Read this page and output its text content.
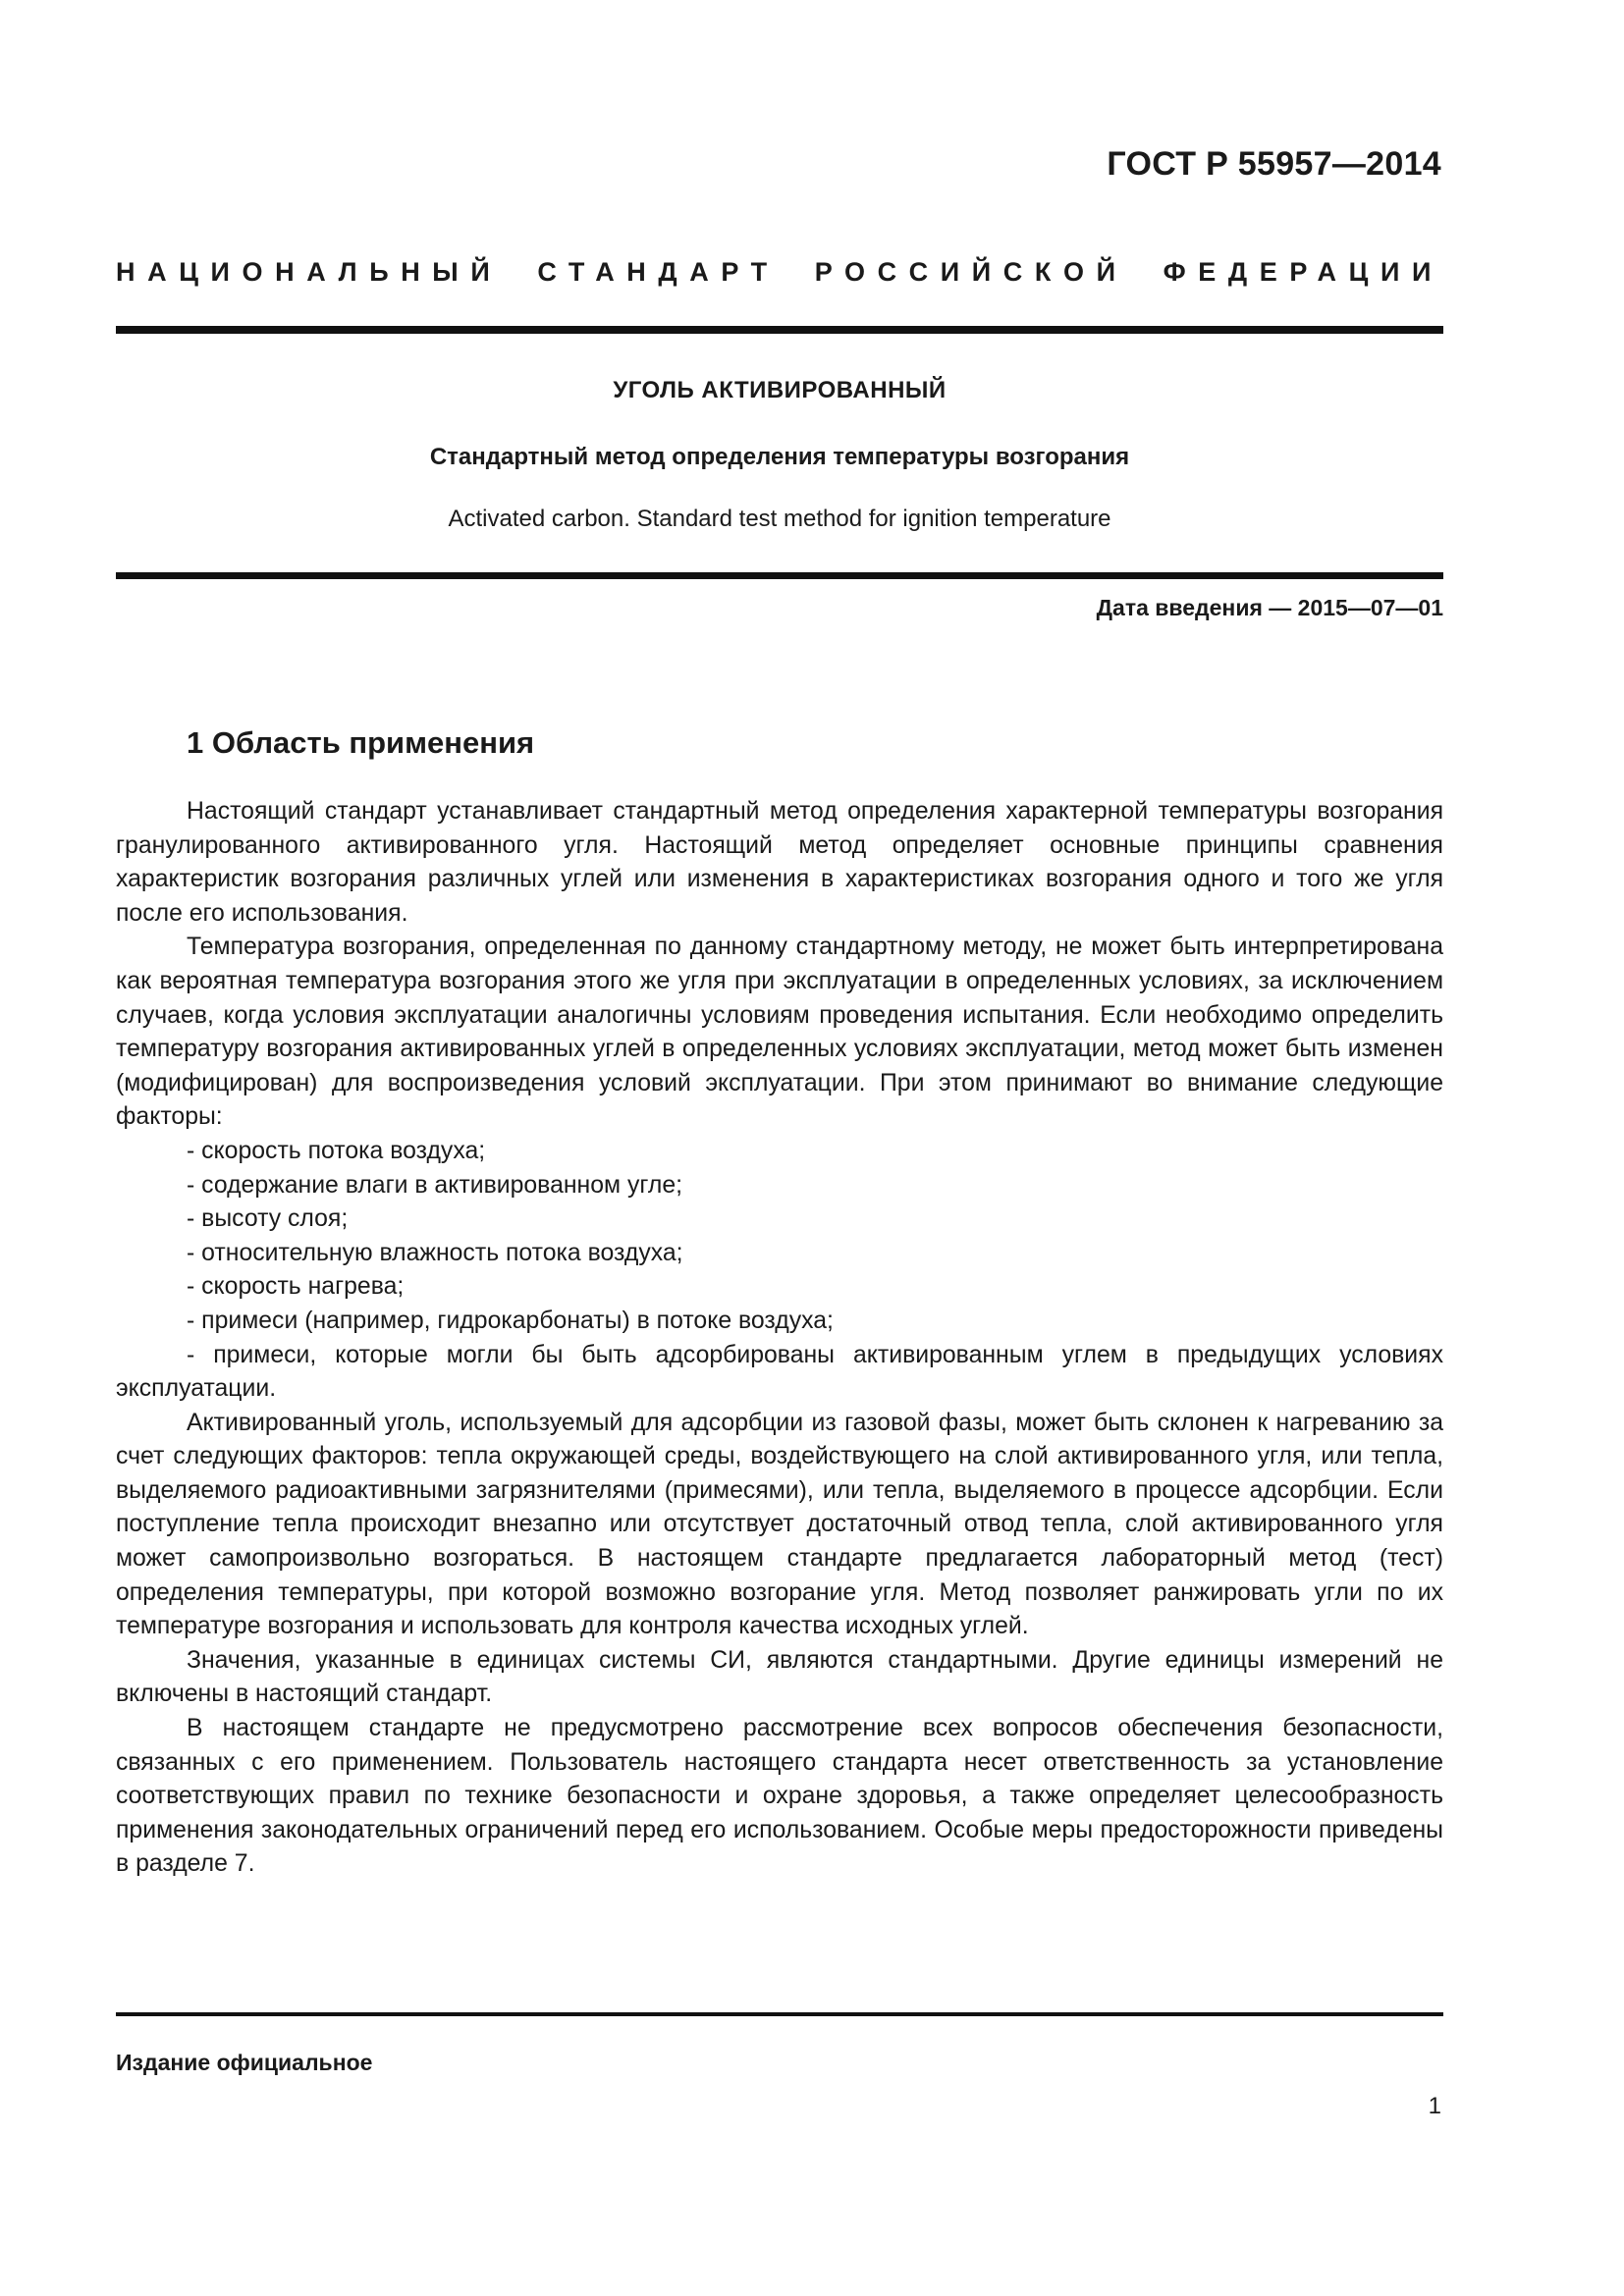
ГОСТ Р 55957—2014
НАЦИОНАЛЬНЫЙ СТАНДАРТ РОССИЙСКОЙ ФЕДЕРАЦИИ
УГОЛЬ АКТИВИРОВАННЫЙ
Стандартный метод определения температуры возгорания
Activated carbon. Standard test method for ignition temperature
Дата введения — 2015—07—01
1 Область применения

Настоящий стандарт устанавливает стандартный метод определения характерной температуры возгорания гранулированного активированного угля. Настоящий метод определяет основные принципы сравнения характеристик возгорания различных углей или изменения в характеристиках возгорания одного и того же угля после его использования.

Температура возгорания, определенная по данному стандартному методу, не может быть интерпретирована как вероятная температура возгорания этого же угля при эксплуатации в определенных условиях, за исключением случаев, когда условия эксплуатации аналогичны условиям проведения испытания. Если необходимо определить температуру возгорания активированных углей в определенных условиях эксплуатации, метод может быть изменен (модифицирован) для воспроизведения условий эксплуатации. При этом принимают во внимание следующие факторы:

- скорость потока воздуха;

- содержание влаги в активированном угле;

- высоту слоя;

- относительную влажность потока воздуха;

- скорость нагрева;

- примеси (например, гидрокарбонаты) в потоке воздуха;

- примеси, которые могли бы быть адсорбированы активированным углем в предыдущих условиях эксплуатации.

Активированный уголь, используемый для адсорбции из газовой фазы, может быть склонен к нагреванию за счет следующих факторов: тепла окружающей среды, воздействующего на слой активированного угля, или тепла, выделяемого радиоактивными загрязнителями (примесями), или тепла, выделяемого в процессе адсорбции. Если поступление тепла происходит внезапно или отсутствует достаточный отвод тепла, слой активированного угля может самопроизвольно возгораться. В настоящем стандарте предлагается лабораторный метод (тест) определения температуры, при которой возможно возгорание угля. Метод позволяет ранжировать угли по их температуре возгорания и использовать для контроля качества исходных углей.

Значения, указанные в единицах системы СИ, являются стандартными. Другие единицы измерений не включены в настоящий стандарт.

В настоящем стандарте не предусмотрено рассмотрение всех вопросов обеспечения безопасности, связанных с его применением. Пользователь настоящего стандарта несет ответственность за установление соответствующих правил по технике безопасности и охране здоровья, а также определяет целесообразность применения законодательных ограничений перед его использованием. Особые меры предосторожности приведены в разделе 7.

Издание официальное
1
